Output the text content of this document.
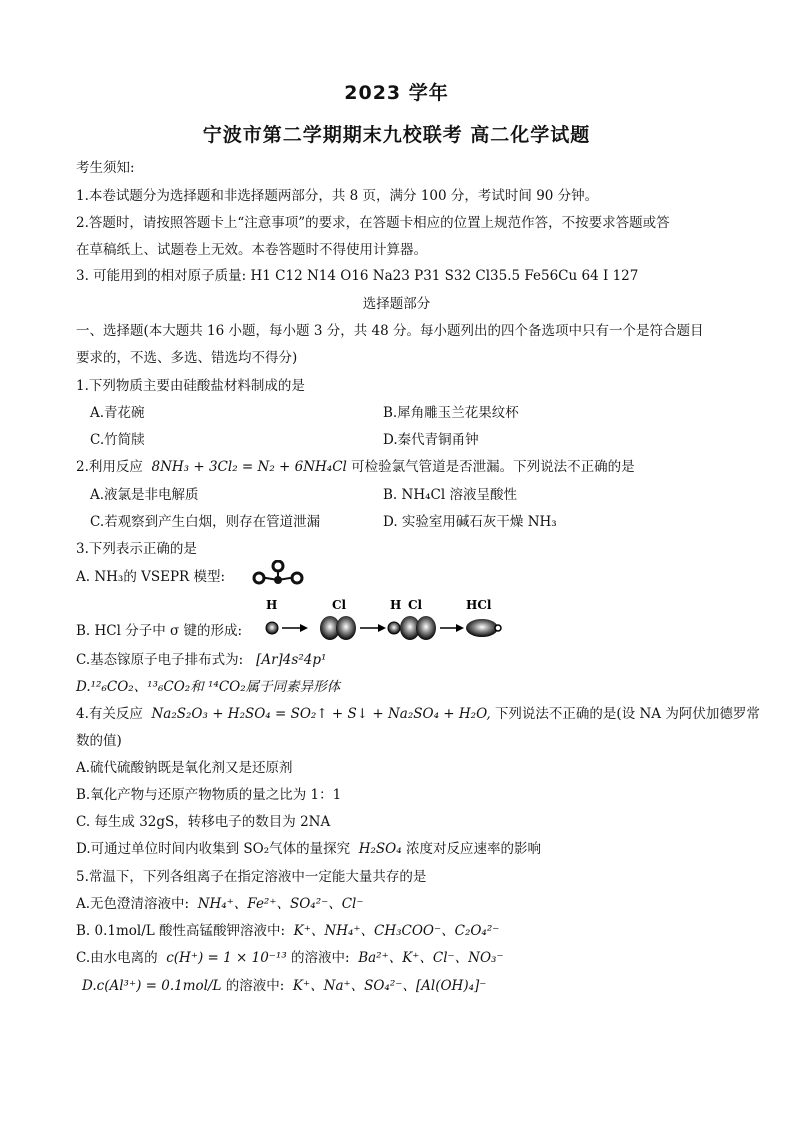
2023 学年
宁波市第二学期期末九校联考 高二化学试题
考生须知:
1.本卷试题分为选择题和非选择题两部分，共 8 页，满分 100 分，考试时间 90 分钟。
2.答题时，请按照答题卡上“注意事项”的要求，在答题卡相应的位置上规范作答，不按要求答题或答
在草稿纸上、试题卷上无效。本卷答题时不得使用计算器。
3. 可能用到的相对原子质量: H1 C12 N14 O16 Na23 P31 S32 Cl35.5 Fe56Cu 64 I 127
选择题部分
一、选择题(本大题共 16 小题，每小题 3 分，共 48 分。每小题列出的四个备选项中只有一个是符合题目
要求的，不选、多选、错选均不得分)
1.下列物质主要由硅酸盐材料制成的是
A.青花碗	B.犀角雕玉兰花果纹杯
C.竹简牍	D.秦代青铜甬钟
2.利用反应 8NH₃ + 3Cl₂ = N₂ + 6NH₄Cl 可检验氯气管道是否泄漏。下列说法不正确的是
A.液氯是非电解质	B. NH₄Cl 溶液呈酸性
C.若观察到产生白烟，则存在管道泄漏	D. 实验室用碱石灰干燥 NH₃
3.下列表示正确的是
A. NH₃的 VSEPR 模型:
B. HCl 分子中 σ 键的形成:
H	Cl	H Cl	HCl
C.基态镓原子电子排布式为: [Ar]4s²4p¹
D.¹²₆CO₂、¹³₆CO₂和 ¹⁴CO₂属于同素异形体
4.有关反应 Na₂S₂O₃ + H₂SO₄ = SO₂↑ + S↓ + Na₂SO₄ + H₂O, 下列说法不正确的是(设 NA 为阿伏加德罗常
数的值)
A.硫代硫酸钠既是氧化剂又是还原剂
B.氧化产物与还原产物物质的量之比为 1：1
C. 每生成 32gS，转移电子的数目为 2NA
D.可通过单位时间内收集到 SO₂气体的量探究 H₂SO₄ 浓度对反应速率的影响
5.常温下，下列各组离子在指定溶液中一定能大量共存的是
A.无色澄清溶液中: NH₄⁺、Fe²⁺、SO₄²⁻、Cl⁻
B. 0.1mol/L 酸性高锰酸钾溶液中: K⁺、NH₄⁺、CH₃COO⁻、C₂O₄²⁻
C.由水电离的 c(H⁺) = 1 × 10⁻¹³ 的溶液中: Ba²⁺、K⁺、Cl⁻、NO₃⁻
D.c(Al³⁺) = 0.1mol/L 的溶液中: K⁺、Na⁺、SO₄²⁻、[Al(OH)₄]⁻
